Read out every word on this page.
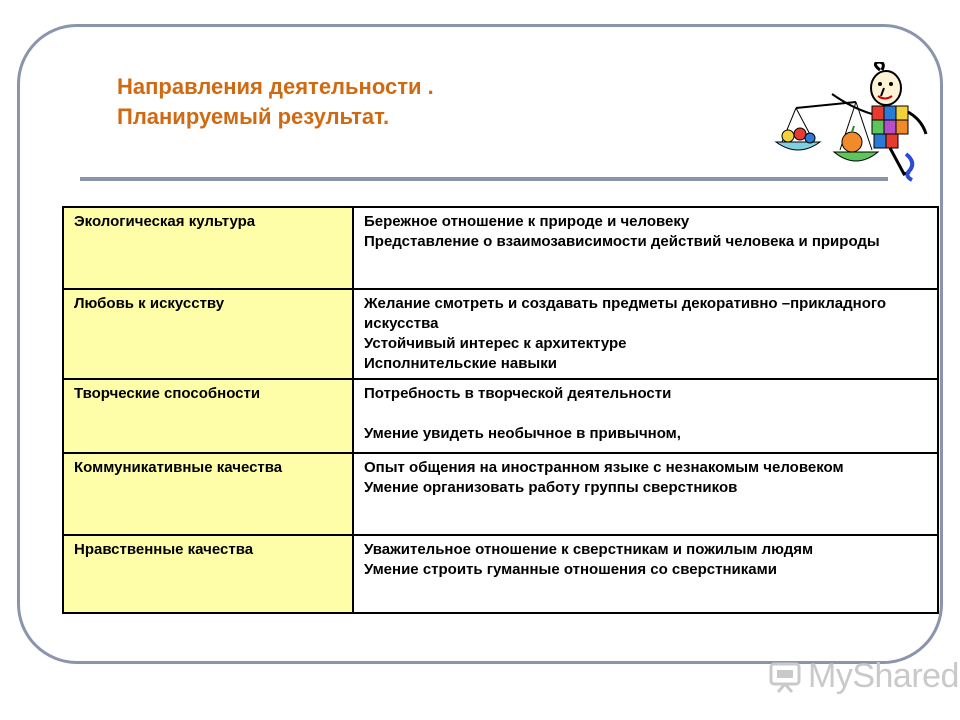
Направления деятельности .
Планируемый результат.
Экологическая культура	Бережное отношение к природе и человеку
Представление о взаимозависимости действий человека и природы

Любовь к искусству	Желание смотреть и создавать предметы декоративно –прикладного искусства
Устойчивый интерес к архитектуре
Исполнительские навыки

Творческие способности	Потребность в творческой деятельности
Умение увидеть необычное в привычном,

Коммуникативные качества	Опыт общения на иностранном языке с незнакомым человеком
Умение организовать работу группы сверстников

Нравственные качества	Уважительное отношение к сверстникам и пожилым людям
Умение строить гуманные отношения со сверстниками
MyShared
